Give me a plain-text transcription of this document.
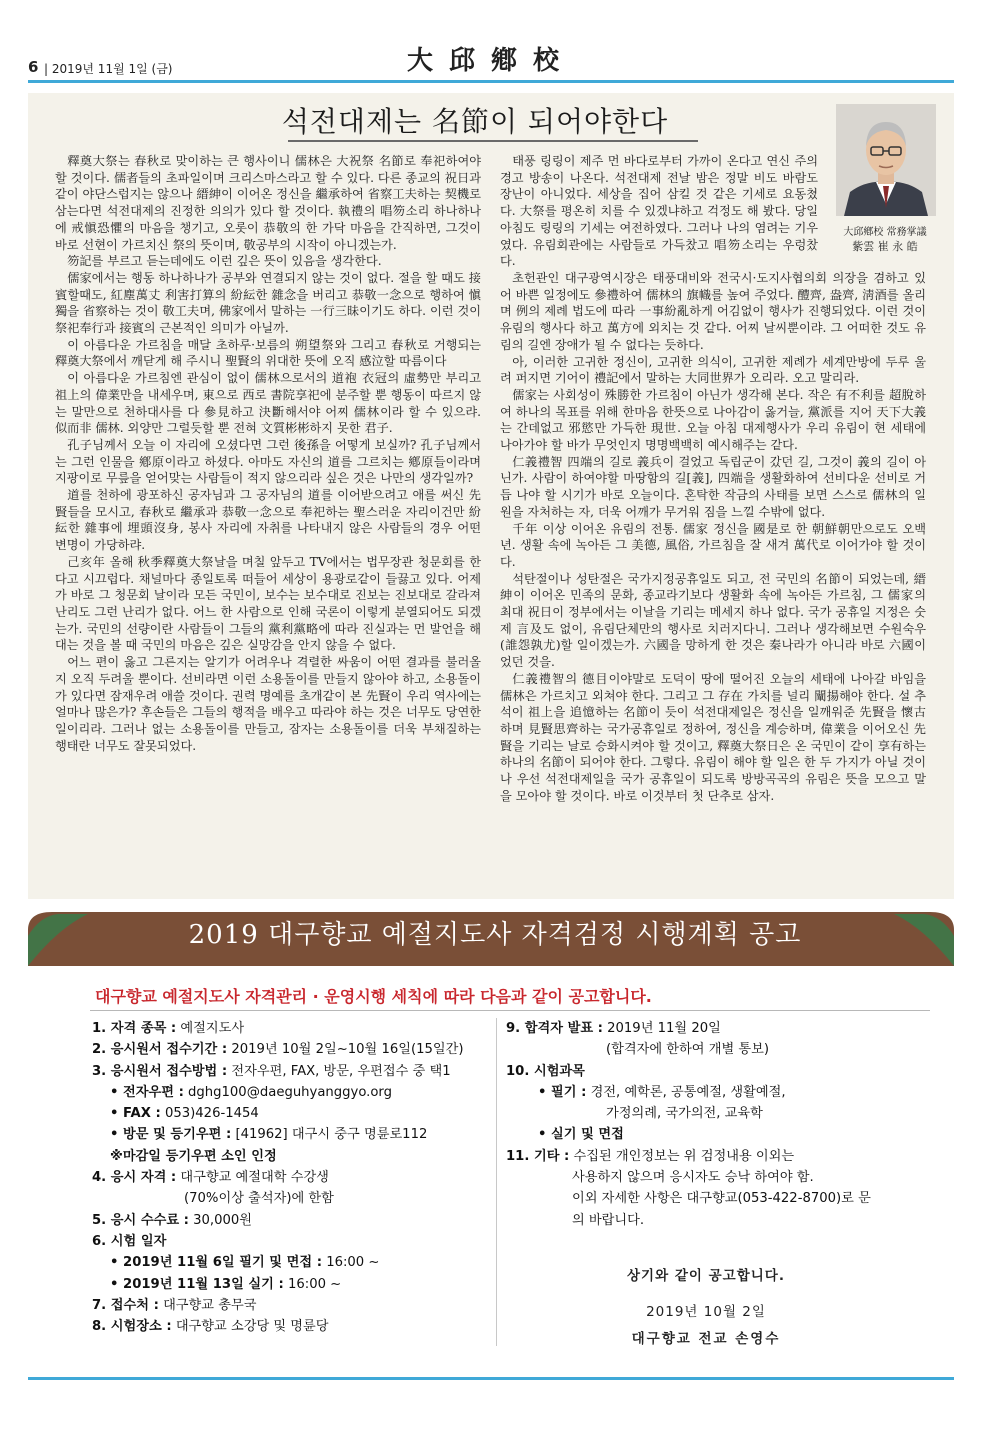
6 | 2019년 11월 1일 (금)	大邱鄕校
석전대제는 名節이 되어야한다

釋奠大祭는 春秋로 맞이하는 큰 행사이니 儒林은 大祝祭 名節로 奉祀하여야 할 것이다. 儒者들의 초파일이며 크리스마스라고 할 수 있다. 다른 종교의 祝日과 같이 야단스럽지는 않으나 縉紳이 이어온 정신을 繼承하여 省察工夫하는 契機로 삼는다면 석전대제의 진정한 의의가 있다 할 것이다. 執禮의 唱笏소리 하나하나에 戒愼恐懼의 마음을 챙기고, 오롯이 恭敬의 한 가닥 마음을 간직하면, 그것이 바로 선현이 가르치신 祭의 뜻이며, 敬공부의 시작이 아니겠는가.

笏記를 부르고 듣는데에도 이런 깊은 뜻이 있음을 생각한다.

儒家에서는 행동 하나하나가 공부와 연결되지 않는 것이 없다. 절을 할 때도 接賓할때도, 紅塵萬丈 利害打算의 紛紜한 雜念을 버리고 恭敬一念으로 행하여 愼獨을 省察하는 것이 敬工夫며, 佛家에서 말하는 一行三昧이기도 하다. 이런 것이 祭祀奉行과 接賓의 근본적인 의미가 아닐까.

이 아름다운 가르침을 매달 초하루·보름의 朔望祭와 그리고 春秋로 거행되는 釋奠大祭에서 깨닫게 해 주시니 聖賢의 위대한 뜻에 오직 感泣할 따름이다

이 아름다운 가르침엔 관심이 없이 儒林으로서의 道袍 衣冠의 虛勢만 부리고 祖上의 偉業만을 내세우며, 東으로 西로 書院享祀에 분주할 뿐 행동이 따르지 않는 말만으로 천하대사를 다 參見하고 決斷해서야 어찌 儒林이라 할 수 있으랴. 似而非 儒林. 외양만 그럴듯할 뿐 전혀 文質彬彬하지 못한 君子.

孔子님께서 오늘 이 자리에 오셨다면 그런 後孫을 어떻게 보실까? 孔子님께서는 그런 인물을 鄕原이라고 하셨다. 아마도 자신의 道를 그르치는 鄕原들이라며 지팡이로 무릎을 얻어맞는 사람들이 적지 않으리라 싶은 것은 나만의 생각일까?

道를 천하에 광포하신 공자님과 그 공자님의 道를 이어받으려고 애를 써신 先賢들을 모시고, 春秋로 繼承과 恭敬一念으로 奉祀하는 聖스러운 자리이건만 紛紜한 雜事에 埋頭沒身, 봉사 자리에 자취를 나타내지 않은 사람들의 경우 어떤 변명이 가당하랴.

己亥年 올해 秋季釋奠大祭날을 며칠 앞두고 TV에서는 법무장관 청문회를 한다고 시끄럽다. 채널마다 종일토록 떠들어 세상이 용광로같이 들끓고 있다. 어제가 바로 그 청문회 날이라 모든 국민이, 보수는 보수대로 진보는 진보대로 갈라져 난리도 그런 난리가 없다. 어느 한 사람으로 인해 국론이 이렇게 분열되어도 되겠는가. 국민의 선량이란 사람들이 그들의 黨利黨略에 따라 진실과는 먼 발언을 해 대는 것을 볼 때 국민의 마음은 깊은 실망감을 안지 않을 수 없다.

어느 편이 옳고 그른지는 알기가 어려우나 격렬한 싸움이 어떤 결과를 불러올 지 오직 두려울 뿐이다. 선비라면 이런 소용돌이를 만들지 않아야 하고, 소용돌이가 있다면 잠재우려 애쓸 것이다. 권력 명예를 초개같이 본 先賢이 우리 역사에는 얼마나 많은가? 후손들은 그들의 행적을 배우고 따라야 하는 것은 너무도 당연한 일이리라. 그러나 없는 소용돌이를 만들고, 잠자는 소용돌이를 더욱 부채질하는 행태란 너무도 잘못되었다.

태풍 링링이 제주 먼 바다로부터 가까이 온다고 연신 주의 경고 방송이 나온다. 석전대제 전날 밤은 정말 비도 바람도 장난이 아니었다. 세상을 집어 삼킬 것 같은 기세로 요동쳤다. 大祭를 평온히 치를 수 있겠냐하고 걱정도 해 봤다. 당일 아침도 링링의 기세는 여전하였다. 그러나 나의 염려는 기우였다. 유림회관에는 사람들로 가득찼고 唱笏소리는 우렁찼다.

초헌관인 대구광역시장은 태풍대비와 전국시·도지사협의회 의장을 겸하고 있어 바쁜 일정에도 參禮하여 儒林의 旗幟를 높여 주었다. 醴齊, 盎齊, 淸酒를 올리며 例의 제례 법도에 따라 一事紛亂하게 어김없이 행사가 진행되었다. 이런 것이 유림의 행사다 하고 萬方에 외치는 것 같다. 어찌 날씨뿐이랴. 그 어떠한 것도 유림의 길엔 장애가 될 수 없다는 듯하다.

아, 이러한 고귀한 정신이, 고귀한 의식이, 고귀한 제례가 세계만방에 두루 울려 퍼지면 기어이 禮記에서 말하는 大同世界가 오리라. 오고 말리라.

儒家는 사회성이 殊勝한 가르침이 아닌가 생각해 본다. 작은 有不利를 超脫하여 하나의 목표를 위해 한마음 한뜻으로 나아감이 옳거늘, 黨派를 지어 天下大義는 간데없고 邪慾만 가득한 現世. 오늘 아침 대제행사가 우리 유림이 현 세태에 나아가야 할 바가 무엇인지 명명백백히 예시해주는 같다.

仁義禮智 四端의 길로 義兵이 걸었고 독립군이 갔던 길, 그것이 義의 길이 아닌가. 사람이 하여야할 마땅함의 길[義], 四端을 생활화하여 선비다운 선비로 거듭 나야 할 시기가 바로 오늘이다. 혼탁한 작금의 사태를 보면 스스로 儒林의 일원을 자처하는 자, 더욱 어깨가 무거워 짐을 느낄 수밖에 없다.

千年 이상 이어온 유림의 전통. 儒家 정신을 國是로 한 朝鮮朝만으로도 오백년. 생활 속에 녹아든 그 美德, 風俗, 가르침을 잘 새겨 萬代로 이어가야 할 것이다.

석탄절이나 성탄절은 국가지정공휴일도 되고, 전 국민의 名節이 되었는데, 縉紳이 이어온 민족의 문화, 종교라기보다 생활화 속에 녹아든 가르침, 그 儒家의 최대 祝日이 정부에서는 이날을 기리는 메세지 하나 없다. 국가 공휴일 지정은 숫제 言及도 없이, 유림단체만의 행사로 치러지다니. 그러나 생각해보면 수원숙우(誰怨孰尤)할 일이겠는가. 六國을 망하게 한 것은 秦나라가 아니라 바로 六國이었던 것을.

仁義禮智의 德目이야말로 도덕이 땅에 떨어진 오늘의 세태에 나아갈 바임을 儒林은 가르치고 외쳐야 한다. 그리고 그 存在 가치를 널리 闡揚해야 한다. 설 추석이 祖上을 追憶하는 名節이 듯이 석전대제일은 정신을 일깨워준 先賢을 懷古하며 見賢思齊하는 국가공휴일로 정하여, 정신을 계승하며, 偉業을 이어오신 先賢을 기리는 날로 승화시켜야 할 것이고, 釋奠大祭日은 온 국민이 같이 享有하는 하나의 名節이 되어야 한다. 그렇다. 유림이 해야 할 일은 한 두 가지가 아닐 것이나 우선 석전대제일을 국가 공휴일이 되도록 방방곡곡의 유림은 뜻을 모으고 말을 모아야 할 것이다. 바로 이것부터 첫 단추로 삼자.

大邱鄕校 常務掌議
紫雲 崔 永 皓
2019 대구향교 예절지도사 자격검정 시행계획 공고
대구향교 예절지도사 자격관리 · 운영시행 세칙에 따라 다음과 같이 공고합니다.
1. 자격 종목 : 예절지도사
2. 응시원서 접수기간 : 2019년 10월 2일~10월 16일(15일간)
3. 응시원서 접수방법 : 전자우편, FAX, 방문, 우편접수 중 택1
• 전자우편 : dghg100@daeguhyanggyo.org
• FAX : 053)426-1454
• 방문 및 등기우편 : [41962] 대구시 중구 명륜로112
※마감일 등기우편 소인 인정
4. 응시 자격 : 대구향교 예절대학 수강생
(70%이상 출석자)에 한함
5. 응시 수수료 : 30,000원
6. 시험 일자
• 2019년 11월 6일 필기 및 면접 : 16:00 ~
• 2019년 11월 13일 실기 : 16:00 ~
7. 접수처 : 대구향교 총무국
8. 시험장소 : 대구향교 소강당 및 명륜당
9. 합격자 발표 : 2019년 11월 20일
(합격자에 한하여 개별 통보)
10. 시험과목
• 필기 : 경전, 예학론, 공통예절, 생활예절,
가정의례, 국가의전, 교육학
• 실기 및 면접
11. 기타 : 수집된 개인정보는 위 검정내용 이외는
사용하지 않으며 응시자도 승낙 하여야 함.
이외 자세한 사항은 대구향교(053-422-8700)로 문
의 바랍니다.
상기와 같이 공고합니다.
2019년 10월 2일
대구향교 전교 손영수
